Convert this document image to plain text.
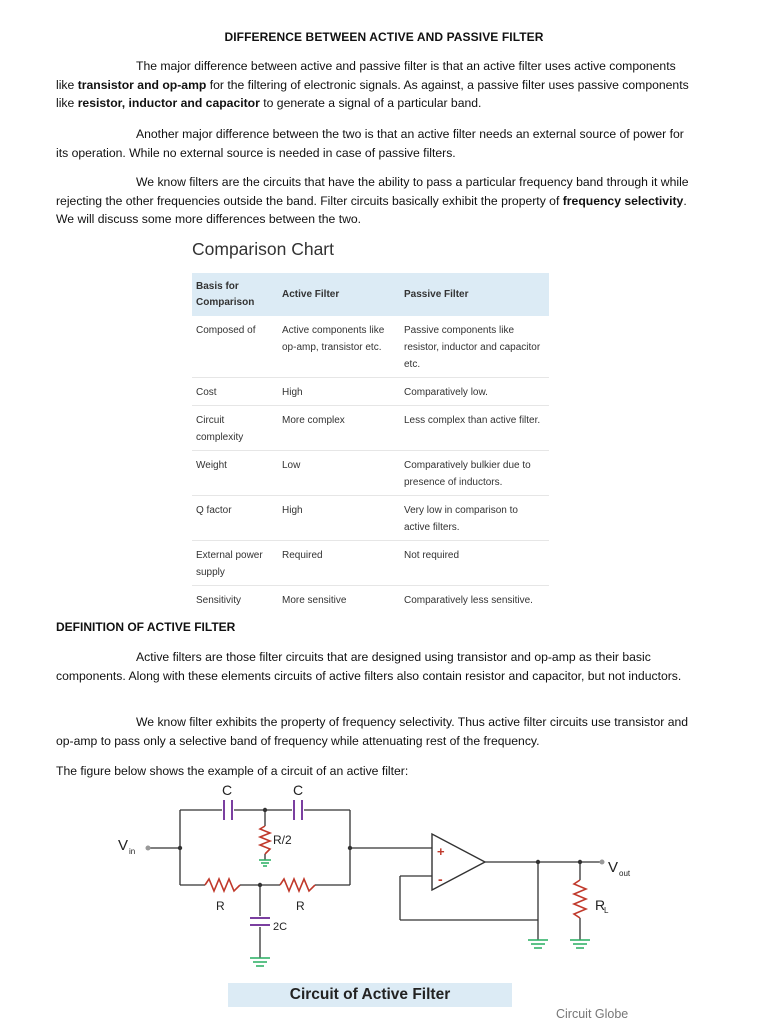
DIFFERENCE BETWEEN ACTIVE AND PASSIVE FILTER
The major difference between active and passive filter is that an active filter uses active components like transistor and op-amp for the filtering of electronic signals. As against, a passive filter uses passive components like resistor, inductor and capacitor to generate a signal of a particular band.
Another major difference between the two is that an active filter needs an external source of power for its operation. While no external source is needed in case of passive filters.
We know filters are the circuits that have the ability to pass a particular frequency band through it while rejecting the other frequencies outside the band. Filter circuits basically exhibit the property of frequency selectivity. We will discuss some more differences between the two.
Comparison Chart
Basis for Comparison	Active Filter	Passive Filter
Composed of	Active components like op-amp, transistor etc.	Passive components like resistor, inductor and capacitor etc.
Cost	High	Comparatively low.
Circuit complexity	More complex	Less complex than active filter.
Weight	Low	Comparatively bulkier due to presence of inductors.
Q factor	High	Very low in comparison to active filters.
External power supply	Required	Not required
Sensitivity	More sensitive	Comparatively less sensitive.
DEFINITION OF ACTIVE FILTER
Active filters are those filter circuits that are designed using transistor and op-amp as their basic components. Along with these elements circuits of active filters also contain resistor and capacitor, but not inductors.
We know filter exhibits the property of frequency selectivity. Thus active filter circuits use transistor and op-amp to pass only a selective band of frequency while attenuating rest of the frequency.
The figure below shows the example of a circuit of an active filter:
C	C
R/2
V in
V out
R	R
2C
R
L
+
-
Circuit of Active Filter
Circuit Globe
